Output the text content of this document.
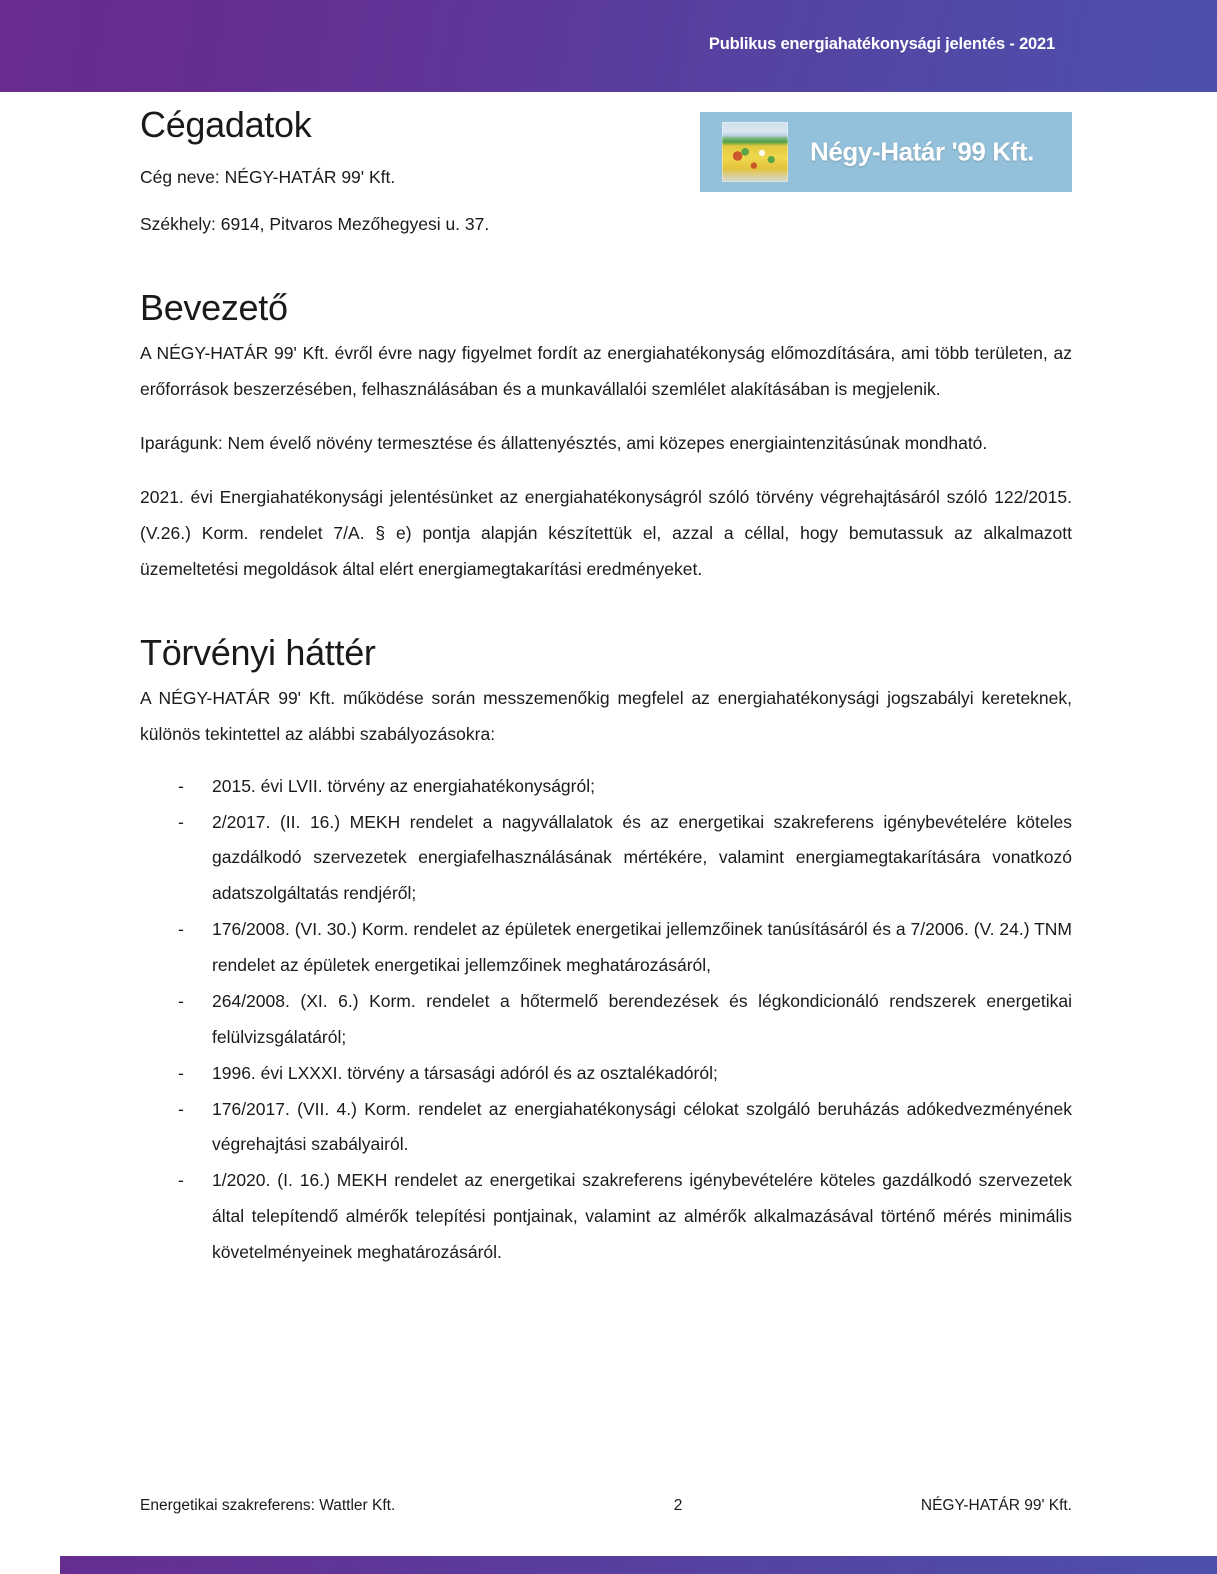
Publikus energiahatékonysági jelentés - 2021
Négy-Határ '99 Kft.
Cégadatok

Cég neve: NÉGY-HATÁR 99' Kft.

Székhely: 6914, Pitvaros Mezőhegyesi u. 37.

Bevezető

A NÉGY-HATÁR 99' Kft. évről évre nagy figyelmet fordít az energiahatékonyság előmozdítására, ami több területen, az erőforrások beszerzésében, felhasználásában és a munkavállalói szemlélet alakításában is megjelenik.

Iparágunk: Nem évelő növény termesztése és állattenyésztés, ami közepes energiaintenzitásúnak mondható.

2021. évi Energiahatékonysági jelentésünket az energiahatékonyságról szóló törvény végrehajtásáról szóló 122/2015. (V.26.) Korm. rendelet 7/A. § e) pontja alapján készítettük el, azzal a céllal, hogy bemutassuk az alkalmazott üzemeltetési megoldások által elért energiamegtakarítási eredményeket.

Törvényi háttér

A NÉGY-HATÁR 99' Kft. működése során messzemenőkig megfelel az energiahatékonysági jogszabályi kereteknek, különös tekintettel az alábbi szabályozásokra:

- 2015. évi LVII. törvény az energiahatékonyságról;
- 2/2017. (II. 16.) MEKH rendelet a nagyvállalatok és az energetikai szakreferens igénybevételére köteles gazdálkodó szervezetek energiafelhasználásának mértékére, valamint energiamegtakarítására vonatkozó adatszolgáltatás rendjéről;
- 176/2008. (VI. 30.) Korm. rendelet az épületek energetikai jellemzőinek tanúsításáról és a 7/2006. (V. 24.) TNM rendelet az épületek energetikai jellemzőinek meghatározásáról,
- 264/2008. (XI. 6.) Korm. rendelet a hőtermelő berendezések és légkondicionáló rendszerek energetikai felülvizsgálatáról;
- 1996. évi LXXXI. törvény a társasági adóról és az osztalékadóról;
- 176/2017. (VII. 4.) Korm. rendelet az energiahatékonysági célokat szolgáló beruházás adókedvezményének végrehajtási szabályairól.
- 1/2020. (I. 16.) MEKH rendelet az energetikai szakreferens igénybevételére köteles gazdálkodó szervezetek által telepítendő almérők telepítési pontjainak, valamint az almérők alkalmazásával történő mérés minimális követelményeinek meghatározásáról.
Energetikai szakreferens: Wattler Kft.	2	NÉGY-HATÁR 99' Kft.
